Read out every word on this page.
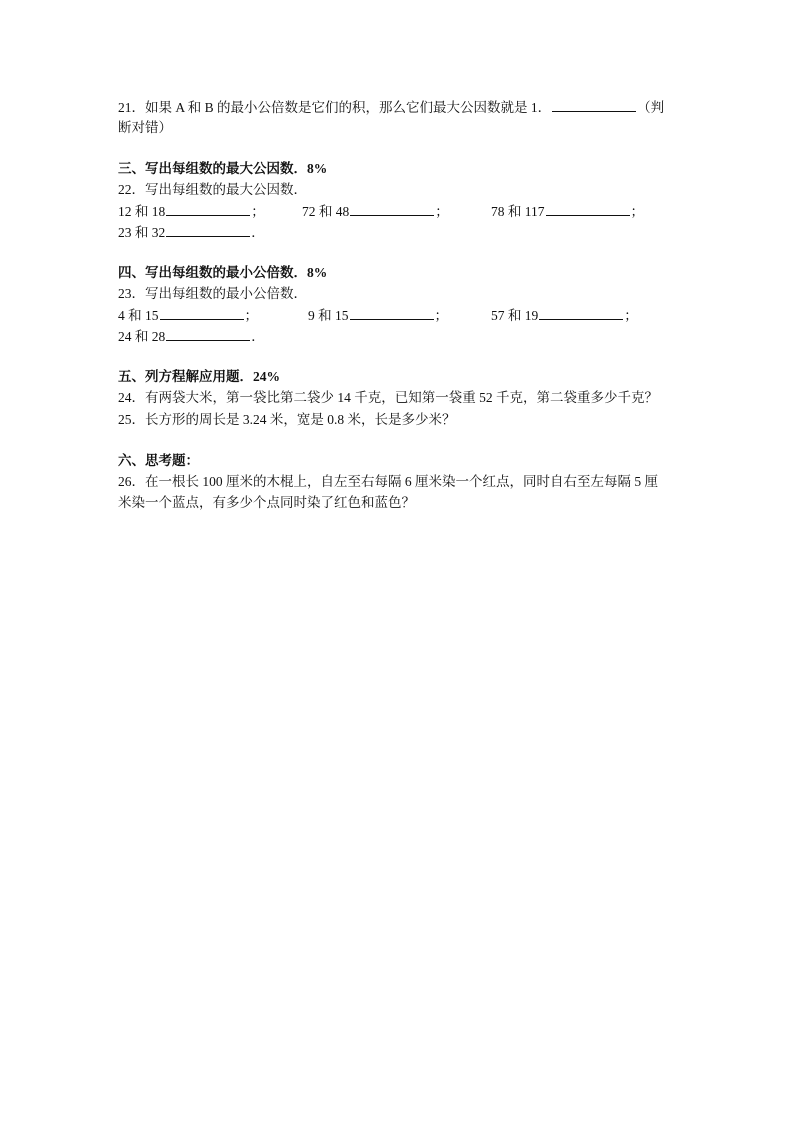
21．如果 A 和 B 的最小公倍数是它们的积，那么它们最大公因数就是 1．	（判
断对错）
三、写出每组数的最大公因数．8%
22．写出每组数的最大公因数．
12 和 18	；	72 和 48	；	78 和 117	；
23 和 32	．
四、写出每组数的最小公倍数．8%
23．写出每组数的最小公倍数．
4 和 15	；	9 和 15	；	57 和 19	；
24 和 28	．
五、列方程解应用题．24%
24．有两袋大米，第一袋比第二袋少 14 千克，已知第一袋重 52 千克，第二袋重多少千克？
25．长方形的周长是 3.24 米，宽是 0.8 米，长是多少米？
六、思考题：
26．在一根长 100 厘米的木棍上，自左至右每隔 6 厘米染一个红点，同时自右至左每隔 5 厘
米染一个蓝点，有多少个点同时染了红色和蓝色？
